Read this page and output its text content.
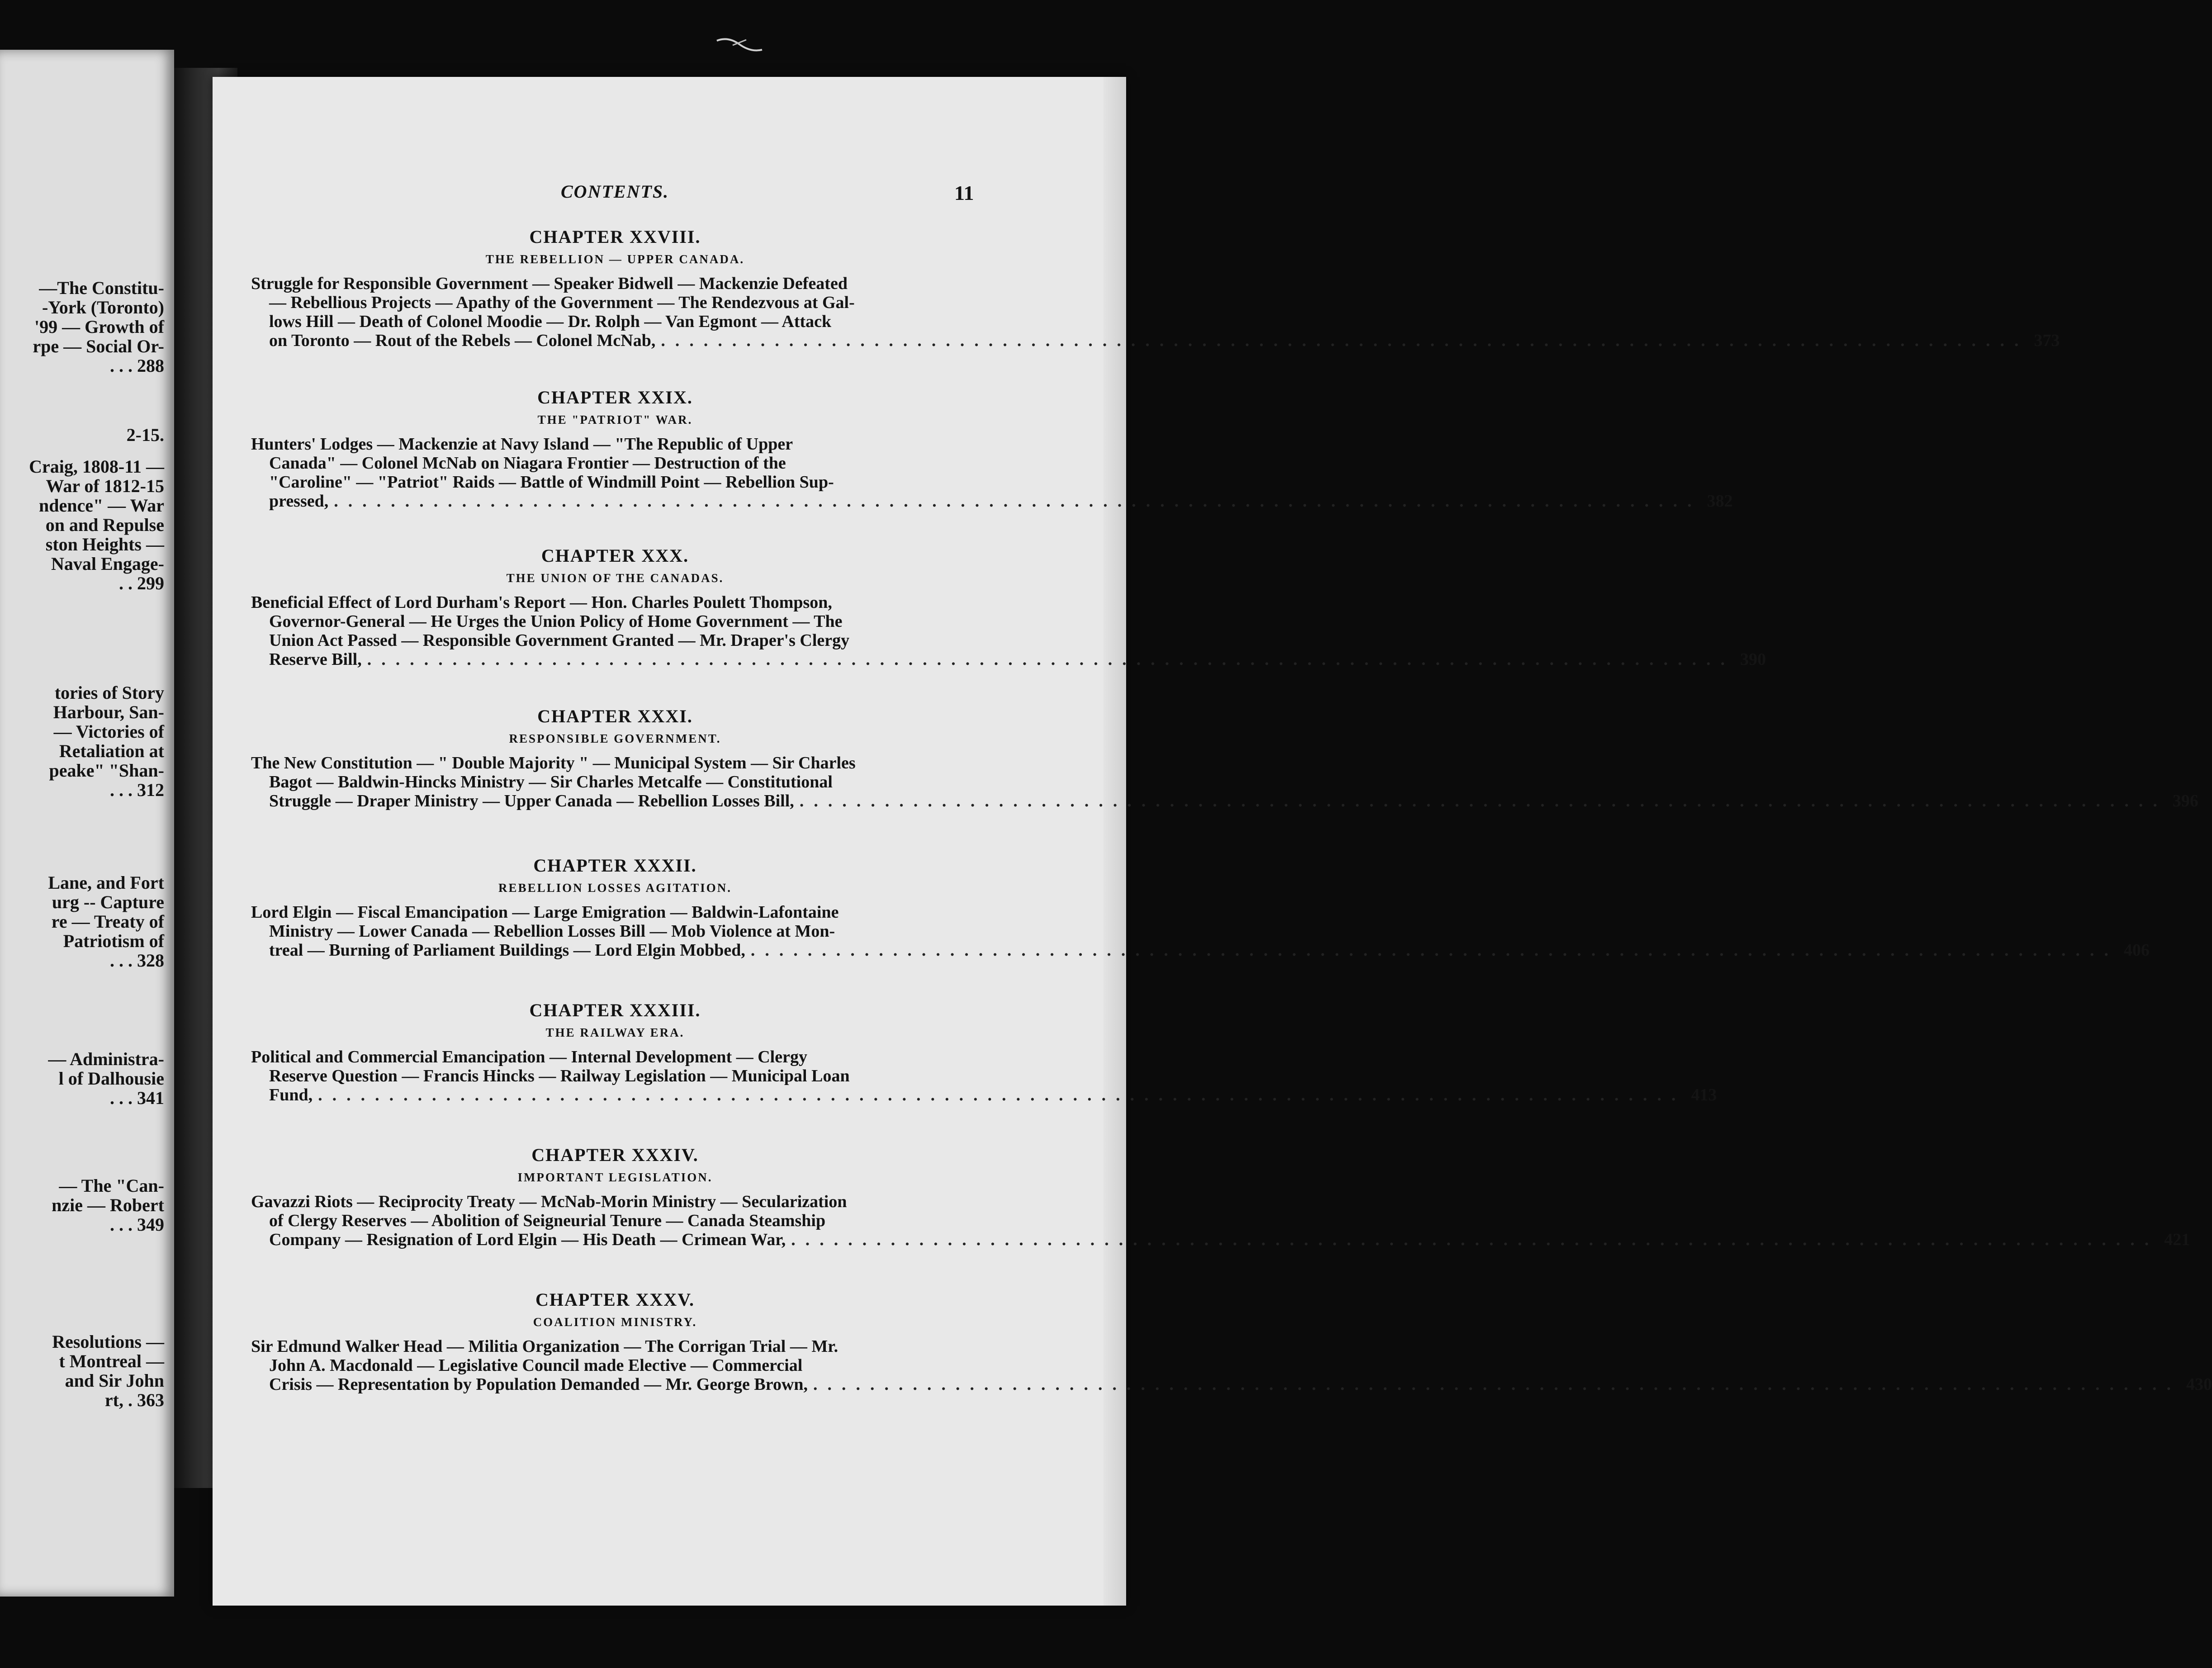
—The Constitu-
-York (Toronto)
'99 — Growth of
rpe — Social Or-
. . . 288

2-15.

Craig, 1808-11 —
War of 1812-15
ndence" — War
on and Repulse
ston Heights —
Naval Engage-
. . 299

tories of Story
Harbour, San-
— Victories of
Retaliation at
peake" "Shan-
. . . 312

Lane, and Fort
urg -- Capture
re — Treaty of
Patriotism of
. . . 328

— Administra-
l of Dalhousie
. . . 341

— The "Can-
nzie — Robert
. . . 349

Resolutions —
t Montreal —
and Sir John
rt, . 363

CONTENTS.	11

CHAPTER XXVIII.

THE REBELLION — UPPER CANADA.

Struggle for Responsible Government — Speaker Bidwell — Mackenzie Defeated
— Rebellious Projects — Apathy of the Government — The Rendezvous at Gal-
lows Hill — Death of Colonel Moodie — Dr. Rolph — Van Egmont — Attack
on Toronto — Rout of the Rebels — Colonel McNab, ................................................................................................ 373

CHAPTER XXIX.

THE "PATRIOT" WAR.

Hunters' Lodges — Mackenzie at Navy Island — "The Republic of Upper
Canada" — Colonel McNab on Niagara Frontier — Destruction of the
"Caroline" — "Patriot" Raids — Battle of Windmill Point — Rebellion Sup-
pressed, ................................................................................................ 382

CHAPTER XXX.

THE UNION OF THE CANADAS.

Beneficial Effect of Lord Durham's Report — Hon. Charles Poulett Thompson,
Governor-General — He Urges the Union Policy of Home Government — The
Union Act Passed — Responsible Government Granted — Mr. Draper's Clergy
Reserve Bill, ................................................................................................ 390

CHAPTER XXXI.

RESPONSIBLE GOVERNMENT.

The New Constitution — " Double Majority " — Municipal System — Sir Charles
Bagot — Baldwin-Hincks Ministry — Sir Charles Metcalfe — Constitutional
Struggle — Draper Ministry — Upper Canada — Rebellion Losses Bill, ................................................................................................ 396

CHAPTER XXXII.

REBELLION LOSSES AGITATION.

Lord Elgin — Fiscal Emancipation — Large Emigration — Baldwin-Lafontaine
Ministry — Lower Canada — Rebellion Losses Bill — Mob Violence at Mon-
treal — Burning of Parliament Buildings — Lord Elgin Mobbed, ................................................................................................ 406

CHAPTER XXXIII.

THE RAILWAY ERA.

Political and Commercial Emancipation — Internal Development — Clergy
Reserve Question — Francis Hincks — Railway Legislation — Municipal Loan
Fund, ................................................................................................ 413

CHAPTER XXXIV.

IMPORTANT LEGISLATION.

Gavazzi Riots — Reciprocity Treaty — McNab-Morin Ministry — Secularization
of Clergy Reserves — Abolition of Seigneurial Tenure — Canada Steamship
Company — Resignation of Lord Elgin — His Death — Crimean War, ................................................................................................ 421

CHAPTER XXXV.

COALITION MINISTRY.

Sir Edmund Walker Head — Militia Organization — The Corrigan Trial — Mr.
John A. Macdonald — Legislative Council made Elective — Commercial
Crisis — Representation by Population Demanded — Mr. George Brown, ................................................................................................ 430
